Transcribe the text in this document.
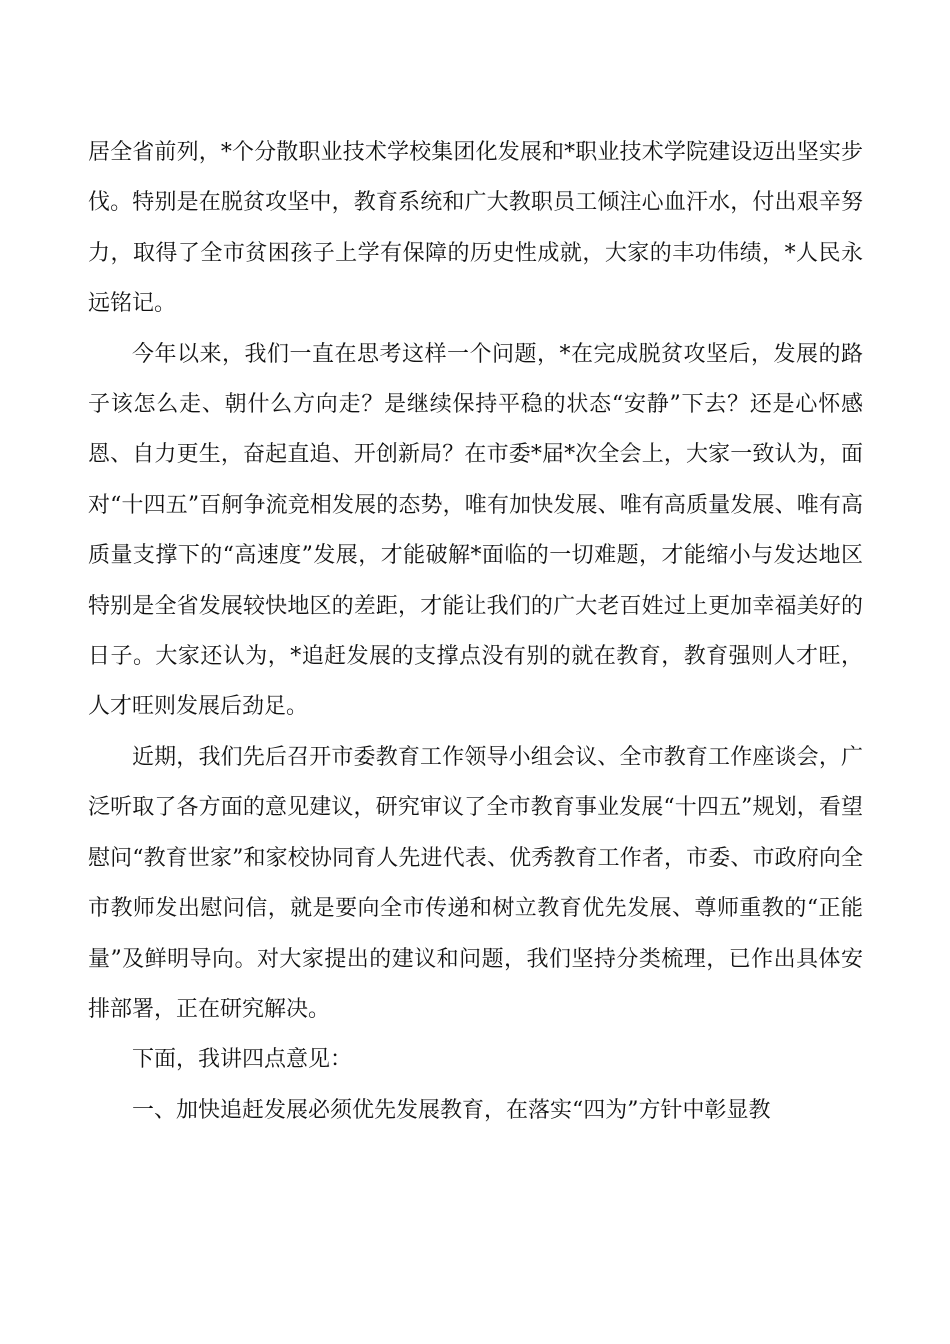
居全省前列，*个分散职业技术学校集团化发展和*职业技术学院建设迈出坚实步伐。特别是在脱贫攻坚中，教育系统和广大教职员工倾注心血汗水，付出艰辛努力，取得了全市贫困孩子上学有保障的历史性成就，大家的丰功伟绩，*人民永远铭记。

今年以来，我们一直在思考这样一个问题，*在完成脱贫攻坚后，发展的路子该怎么走、朝什么方向走？是继续保持平稳的状态“安静”下去？还是心怀感恩、自力更生，奋起直追、开创新局？在市委*届*次全会上，大家一致认为，面对“十四五”百舸争流竞相发展的态势，唯有加快发展、唯有高质量发展、唯有高质量支撑下的“高速度”发展，才能破解*面临的一切难题，才能缩小与发达地区特别是全省发展较快地区的差距，才能让我们的广大老百姓过上更加幸福美好的日子。大家还认为，*追赶发展的支撑点没有别的就在教育，教育强则人才旺，人才旺则发展后劲足。

近期，我们先后召开市委教育工作领导小组会议、全市教育工作座谈会，广泛听取了各方面的意见建议，研究审议了全市教育事业发展“十四五”规划，看望慰问“教育世家”和家校协同育人先进代表、优秀教育工作者，市委、市政府向全市教师发出慰问信，就是要向全市传递和树立教育优先发展、尊师重教的“正能量”及鲜明导向。对大家提出的建议和问题，我们坚持分类梳理，已作出具体安排部署，正在研究解决。

下面，我讲四点意见：

一、加快追赶发展必须优先发展教育，在落实“四为”方针中彰显教
